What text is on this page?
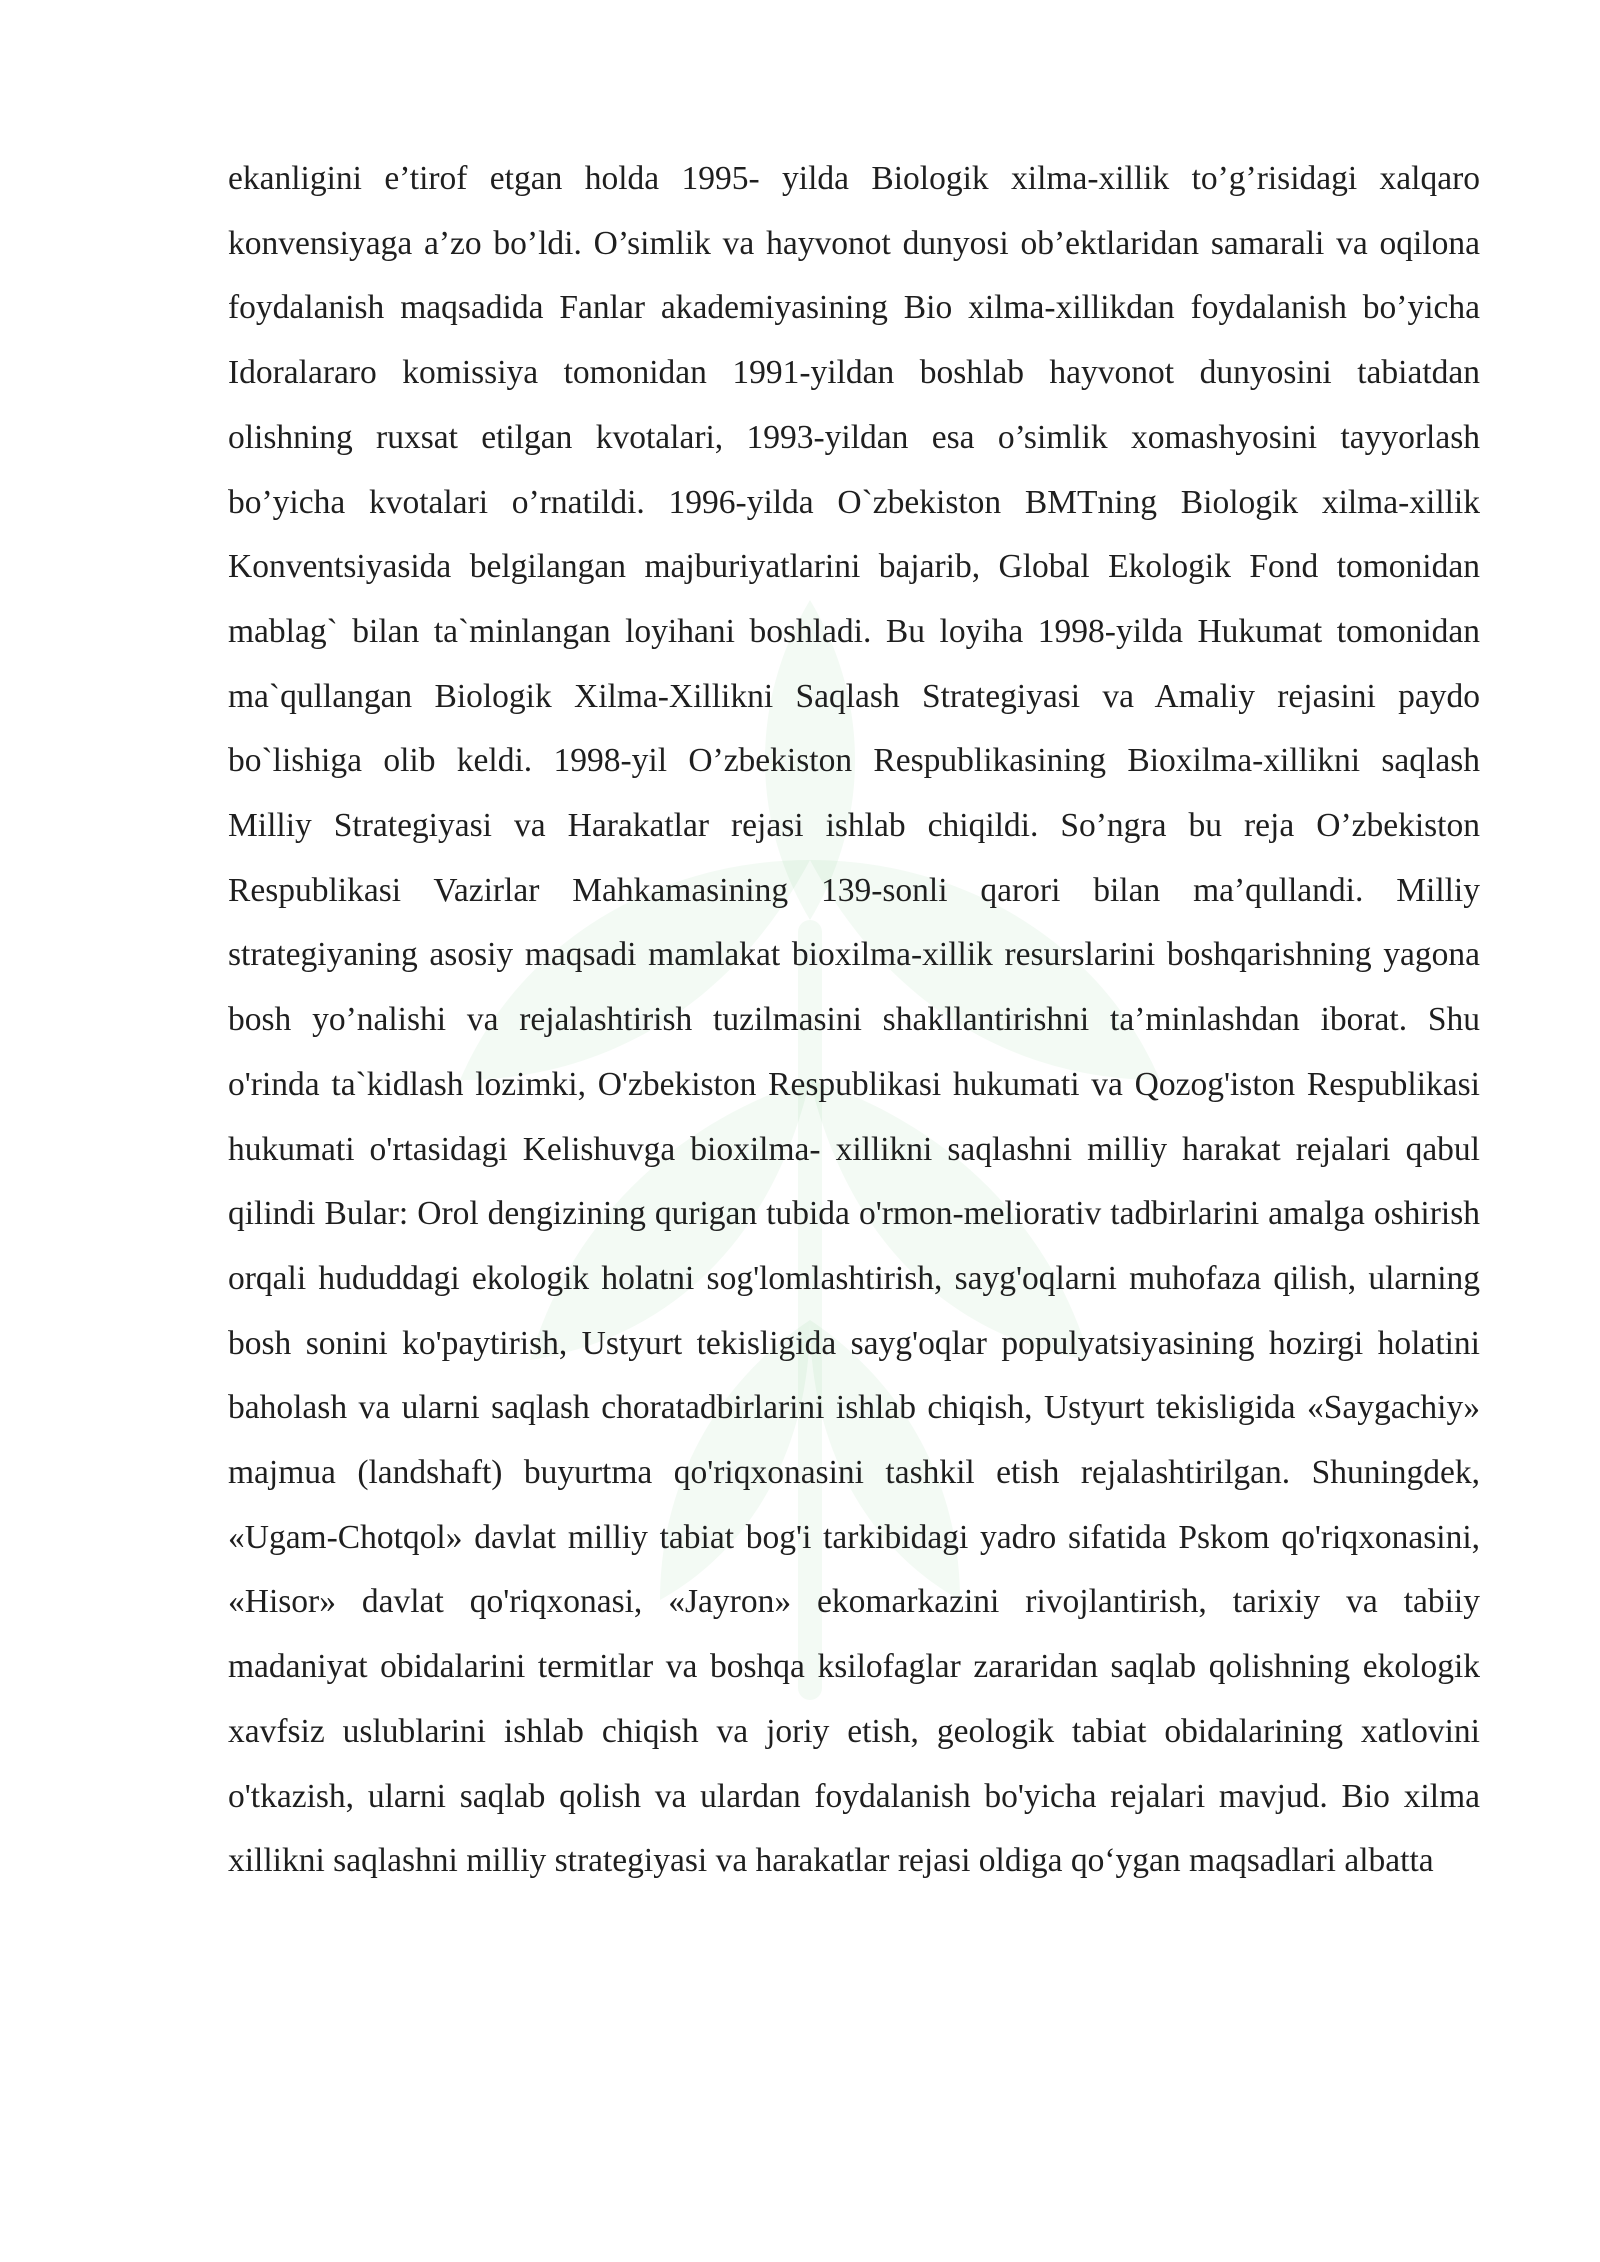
ekanligini e’tirof etgan holda 1995- yilda Biologik xilma-xillik to’g’risidagi xalqaro konvensiyaga a’zo bo’ldi. O’simlik va hayvonot dunyosi ob’ektlaridan samarali va oqilona foydalanish maqsadida Fanlar akademiyasining Bio xilma-xillikdan foydalanish bo’yicha Idoralararo komissiya tomonidan 1991-yildan boshlab hayvonot dunyosini tabiatdan olishning ruxsat etilgan kvotalari, 1993-yildan esa o’simlik xomashyosini tayyorlash bo’yicha kvotalari o’rnatildi. 1996-yilda O`zbekiston BMTning Biologik xilma-xillik Konventsiyasida belgilangan majburiyatlarini bajarib, Global Ekologik Fond tomonidan mablag` bilan ta`minlangan loyihani boshladi. Bu loyiha 1998-yilda Hukumat tomonidan ma`qullangan Biologik Xilma-Xillikni Saqlash Strategiyasi va Amaliy rejasini paydo bo`lishiga olib keldi. 1998-yil O’zbekiston Respublikasining Bioxilma-xillikni saqlash Milliy Strategiyasi va Harakatlar rejasi ishlab chiqildi. So’ngra bu reja O’zbekiston Respublikasi Vazirlar Mahkamasining 139-sonli qarori bilan ma’qullandi. Milliy strategiyaning asosiy maqsadi mamlakat bioxilma-xillik resurslarini boshqarishning yagona bosh yo’nalishi va rejalashtirish tuzilmasini shakllantirishni ta’minlashdan iborat. Shu o'rinda ta`kidlash lozimki, O'zbekiston Respublikasi hukumati va Qozog'iston Respublikasi hukumati o'rtasidagi Kelishuvga bioxilma- xillikni saqlashni milliy harakat rejalari qabul qilindi Bular: Orol dengizining qurigan tubida o'rmon-meliorativ tadbirlarini amalga oshirish orqali hududdagi ekologik holatni sog'lomlashtirish, sayg'oqlarni muhofaza qilish, ularning bosh sonini ko'paytirish, Ustyurt tekisligida sayg'oqlar populyatsiyasining hozirgi holatini baholash va ularni saqlash choratadbirlarini ishlab chiqish, Ustyurt tekisligida «Saygachiy» majmua (landshaft) buyurtma qo'riqxonasini tashkil etish rejalashtirilgan. Shuningdek, «Ugam-Chotqol» davlat milliy tabiat bog'i tarkibidagi yadro sifatida Pskom qo'riqxonasini, «Hisor» davlat qo'riqxonasi, «Jayron» ekomarkazini rivojlantirish, tarixiy va tabiiy madaniyat obidalarini termitlar va boshqa ksilofaglar zararidan saqlab qolishning ekologik xavfsiz uslublarini ishlab chiqish va joriy etish, geologik tabiat obidalarining xatlovini o'tkazish, ularni saqlab qolish va ulardan foydalanish bo'yicha rejalari mavjud. Bio xilma xillikni saqlashni milliy strategiyasi va harakatlar rejasi oldiga qo‘ygan maqsadlari albatta
